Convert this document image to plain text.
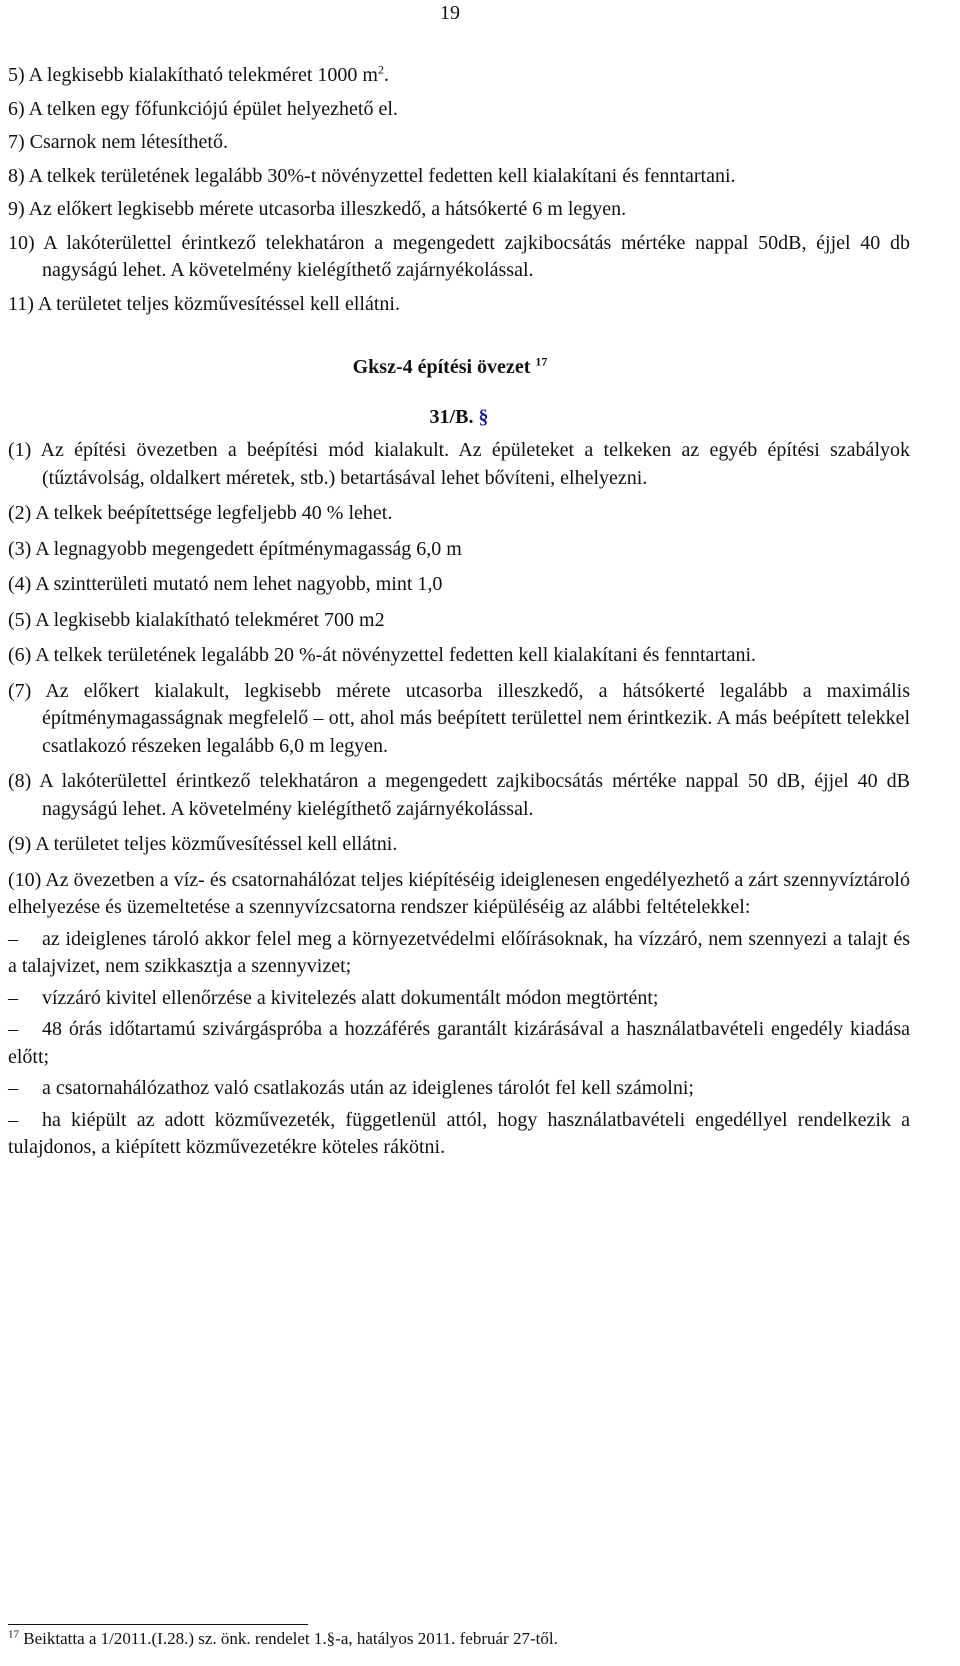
19
5) A legkisebb kialakítható telekméret 1000 $m^2$.
6) A telken egy főfunkciójú épület helyezhető el.
7) Csarnok nem létesíthető.
8) A telkek területének legalább 30%-t növényzettel fedetten kell kialakítani és fenntartani.
9) Az előkert legkisebb mérete utcasorba illeszkedő, a hátsókerté 6 m legyen.
10) A lakóterülettel érintkező telekhatáron a megengedett zajkibocsátás mértéke nappal 50dB, éjjel 40 db nagyságú lehet. A követelmény kielégíthető zajárnyékolással.
11) A területet teljes közművesítéssel kell ellátni.
Gksz-4 építési övezet $^{17}$
31/B. §
(1) Az építési övezetben a beépítési mód kialakult. Az épületeket a telkeken az egyéb építési szabályok (tűztávolság, oldalkert méretek, stb.) betartásával lehet bővíteni, elhelyezni.
(2) A telkek beépítettsége legfeljebb 40 % lehet.
(3) A legnagyobb megengedett építménymagasság 6,0 m
(4) A szintterületi mutató nem lehet nagyobb, mint 1,0
(5) A legkisebb kialakítható telekméret 700 m2
(6) A telkek területének legalább 20 %-át növényzettel fedetten kell kialakítani és fenntartani.
(7) Az előkert kialakult, legkisebb mérete utcasorba illeszkedő, a hátsókerté legalább a maximális építménymagasságnak megfelelő – ott, ahol más beépített területtel nem érintkezik. A más beépített telekkel csatlakozó részeken legalább 6,0 m legyen.
(8) A lakóterülettel érintkező telekhatáron a megengedett zajkibocsátás mértéke nappal 50 dB, éjjel 40 dB nagyságú lehet. A követelmény kielégíthető zajárnyékolással.
(9) A területet teljes közművesítéssel kell ellátni.
(10) Az övezetben a víz- és csatornahálózat teljes kiépítéséig ideiglenesen engedélyezhető a zárt szennyvíztároló elhelyezése és üzemeltetése a szennyvízcsatorna rendszer kiépüléséig az alábbi feltételekkel:
– az ideiglenes tároló akkor felel meg a környezetvédelmi előírásoknak, ha vízzáró, nem szennyezi a talajt és a talajvizet, nem szikkasztja a szennyvizet;
– vízzáró kivitel ellenőrzése a kivitelezés alatt dokumentált módon megtörtént;
– 48 órás időtartamú szivárgáspróba a hozzáférés garantált kizárásával a használatbavételi engedély kiadása előtt;
– a csatornahálózathoz való csatlakozás után az ideiglenes tárolót fel kell számolni;
– ha kiépült az adott közművezeték, függetlenül attól, hogy használatbavételi engedéllyel rendelkezik a tulajdonos, a kiépített közművezetékre köteles rákötni.
$^{17}$ Beiktatta a 1/2011.(I.28.) sz. önk. rendelet 1.§-a, hatályos 2011. február 27-től.
